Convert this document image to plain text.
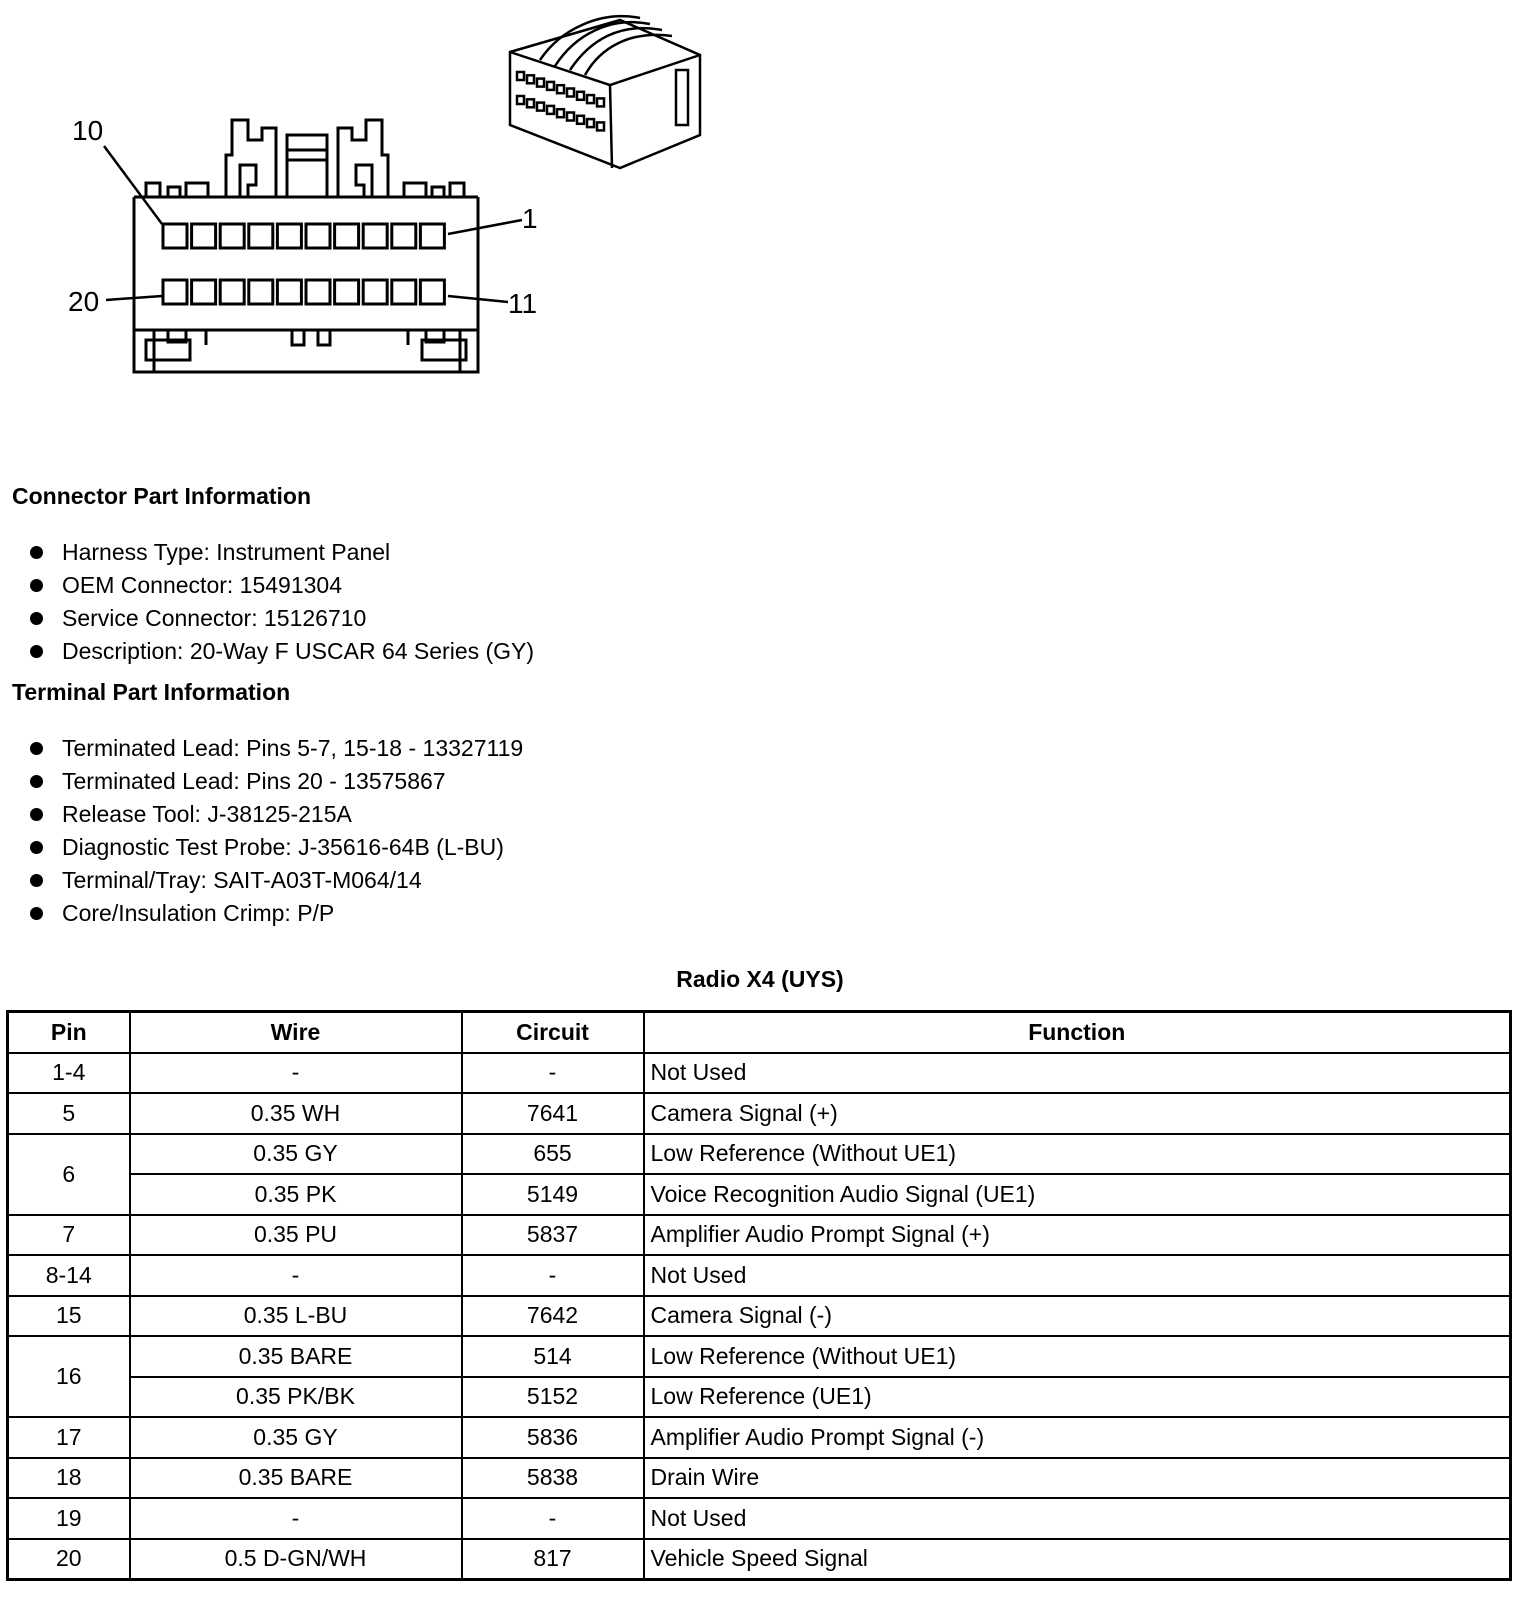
10
1
20	11
Connector Part Information
Harness Type: Instrument Panel
OEM Connector: 15491304
Service Connector: 15126710
Description: 20-Way F USCAR 64 Series (GY)
Terminal Part Information
Terminated Lead: Pins 5-7, 15-18 - 13327119
Terminated Lead: Pins 20 - 13575867
Release Tool: J-38125-215A
Diagnostic Test Probe: J-35616-64B (L-BU)
Terminal/Tray: SAIT-A03T-M064/14
Core/Insulation Crimp: P/P
Radio X4 (UYS)
Pin	Wire	Circuit	Function
1-4	-	-	Not Used
5	0.35 WH	7641	Camera Signal (+)
6	0.35 GY	655	Low Reference (Without UE1)
	0.35 PK	5149	Voice Recognition Audio Signal (UE1)
7	0.35 PU	5837	Amplifier Audio Prompt Signal (+)
8-14	-	-	Not Used
15	0.35 L-BU	7642	Camera Signal (-)
16	0.35 BARE	514	Low Reference (Without UE1)
	0.35 PK/BK	5152	Low Reference (UE1)
17	0.35 GY	5836	Amplifier Audio Prompt Signal (-)
18	0.35 BARE	5838	Drain Wire
19	-	-	Not Used
20	0.5 D-GN/WH	817	Vehicle Speed Signal
